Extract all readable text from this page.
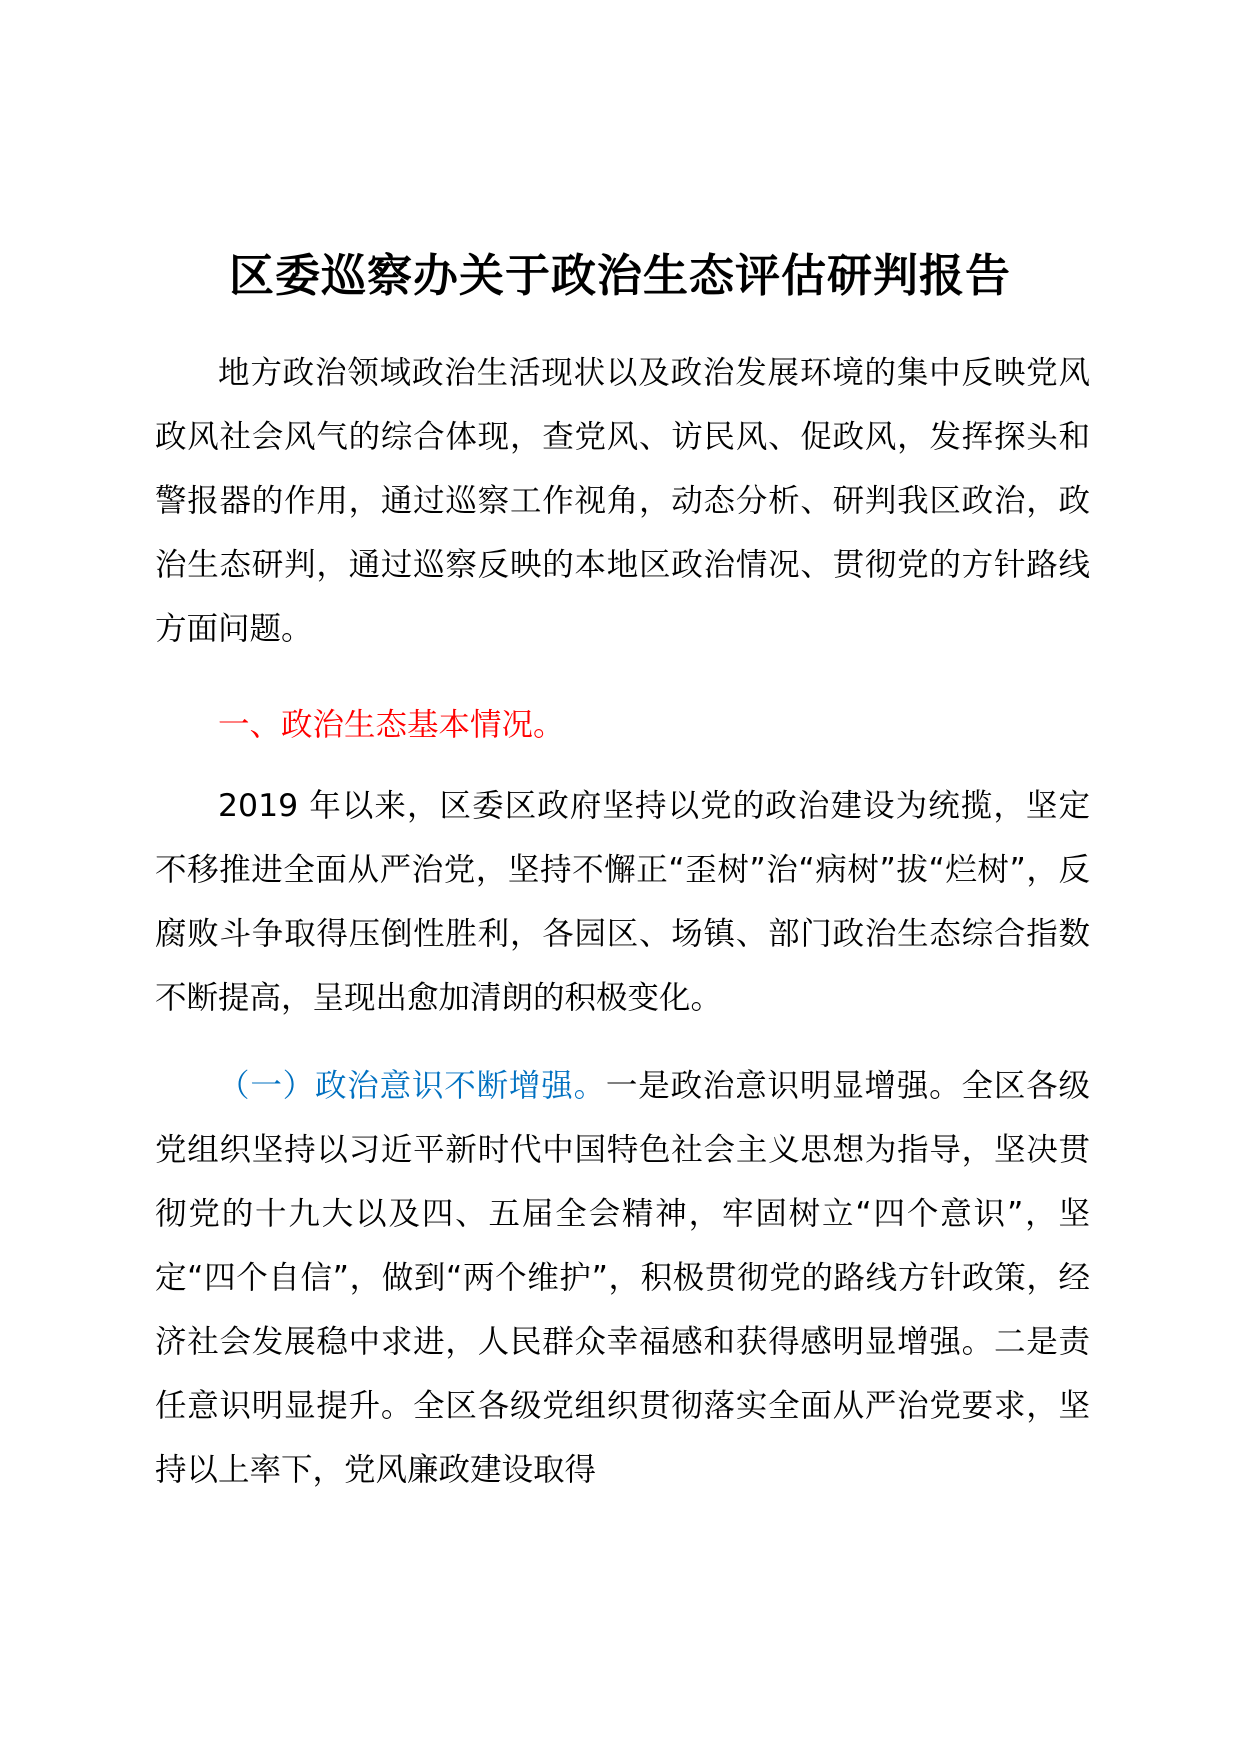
区委巡察办关于政治生态评估研判报告

地方政治领域政治生活现状以及政治发展环境的集中反映党风政风社会风气的综合体现，查党风、访民风、促政风，发挥探头和警报器的作用，通过巡察工作视角，动态分析、研判我区政治，政治生态研判，通过巡察反映的本地区政治情况、贯彻党的方针路线方面问题。

一、政治生态基本情况。

2019 年以来，区委区政府坚持以党的政治建设为统揽，坚定不移推进全面从严治党，坚持不懈正“歪树”治“病树”拔“烂树”，反腐败斗争取得压倒性胜利，各园区、场镇、部门政治生态综合指数不断提高，呈现出愈加清朗的积极变化。

（一）政治意识不断增强。一是政治意识明显增强。全区各级党组织坚持以习近平新时代中国特色社会主义思想为指导，坚决贯彻党的十九大以及四、五届全会精神，牢固树立“四个意识”，坚定“四个自信”，做到“两个维护”，积极贯彻党的路线方针政策，经济社会发展稳中求进，人民群众幸福感和获得感明显增强。二是责任意识明显提升。全区各级党组织贯彻落实全面从严治党要求，坚持以上率下，党风廉政建设取得
